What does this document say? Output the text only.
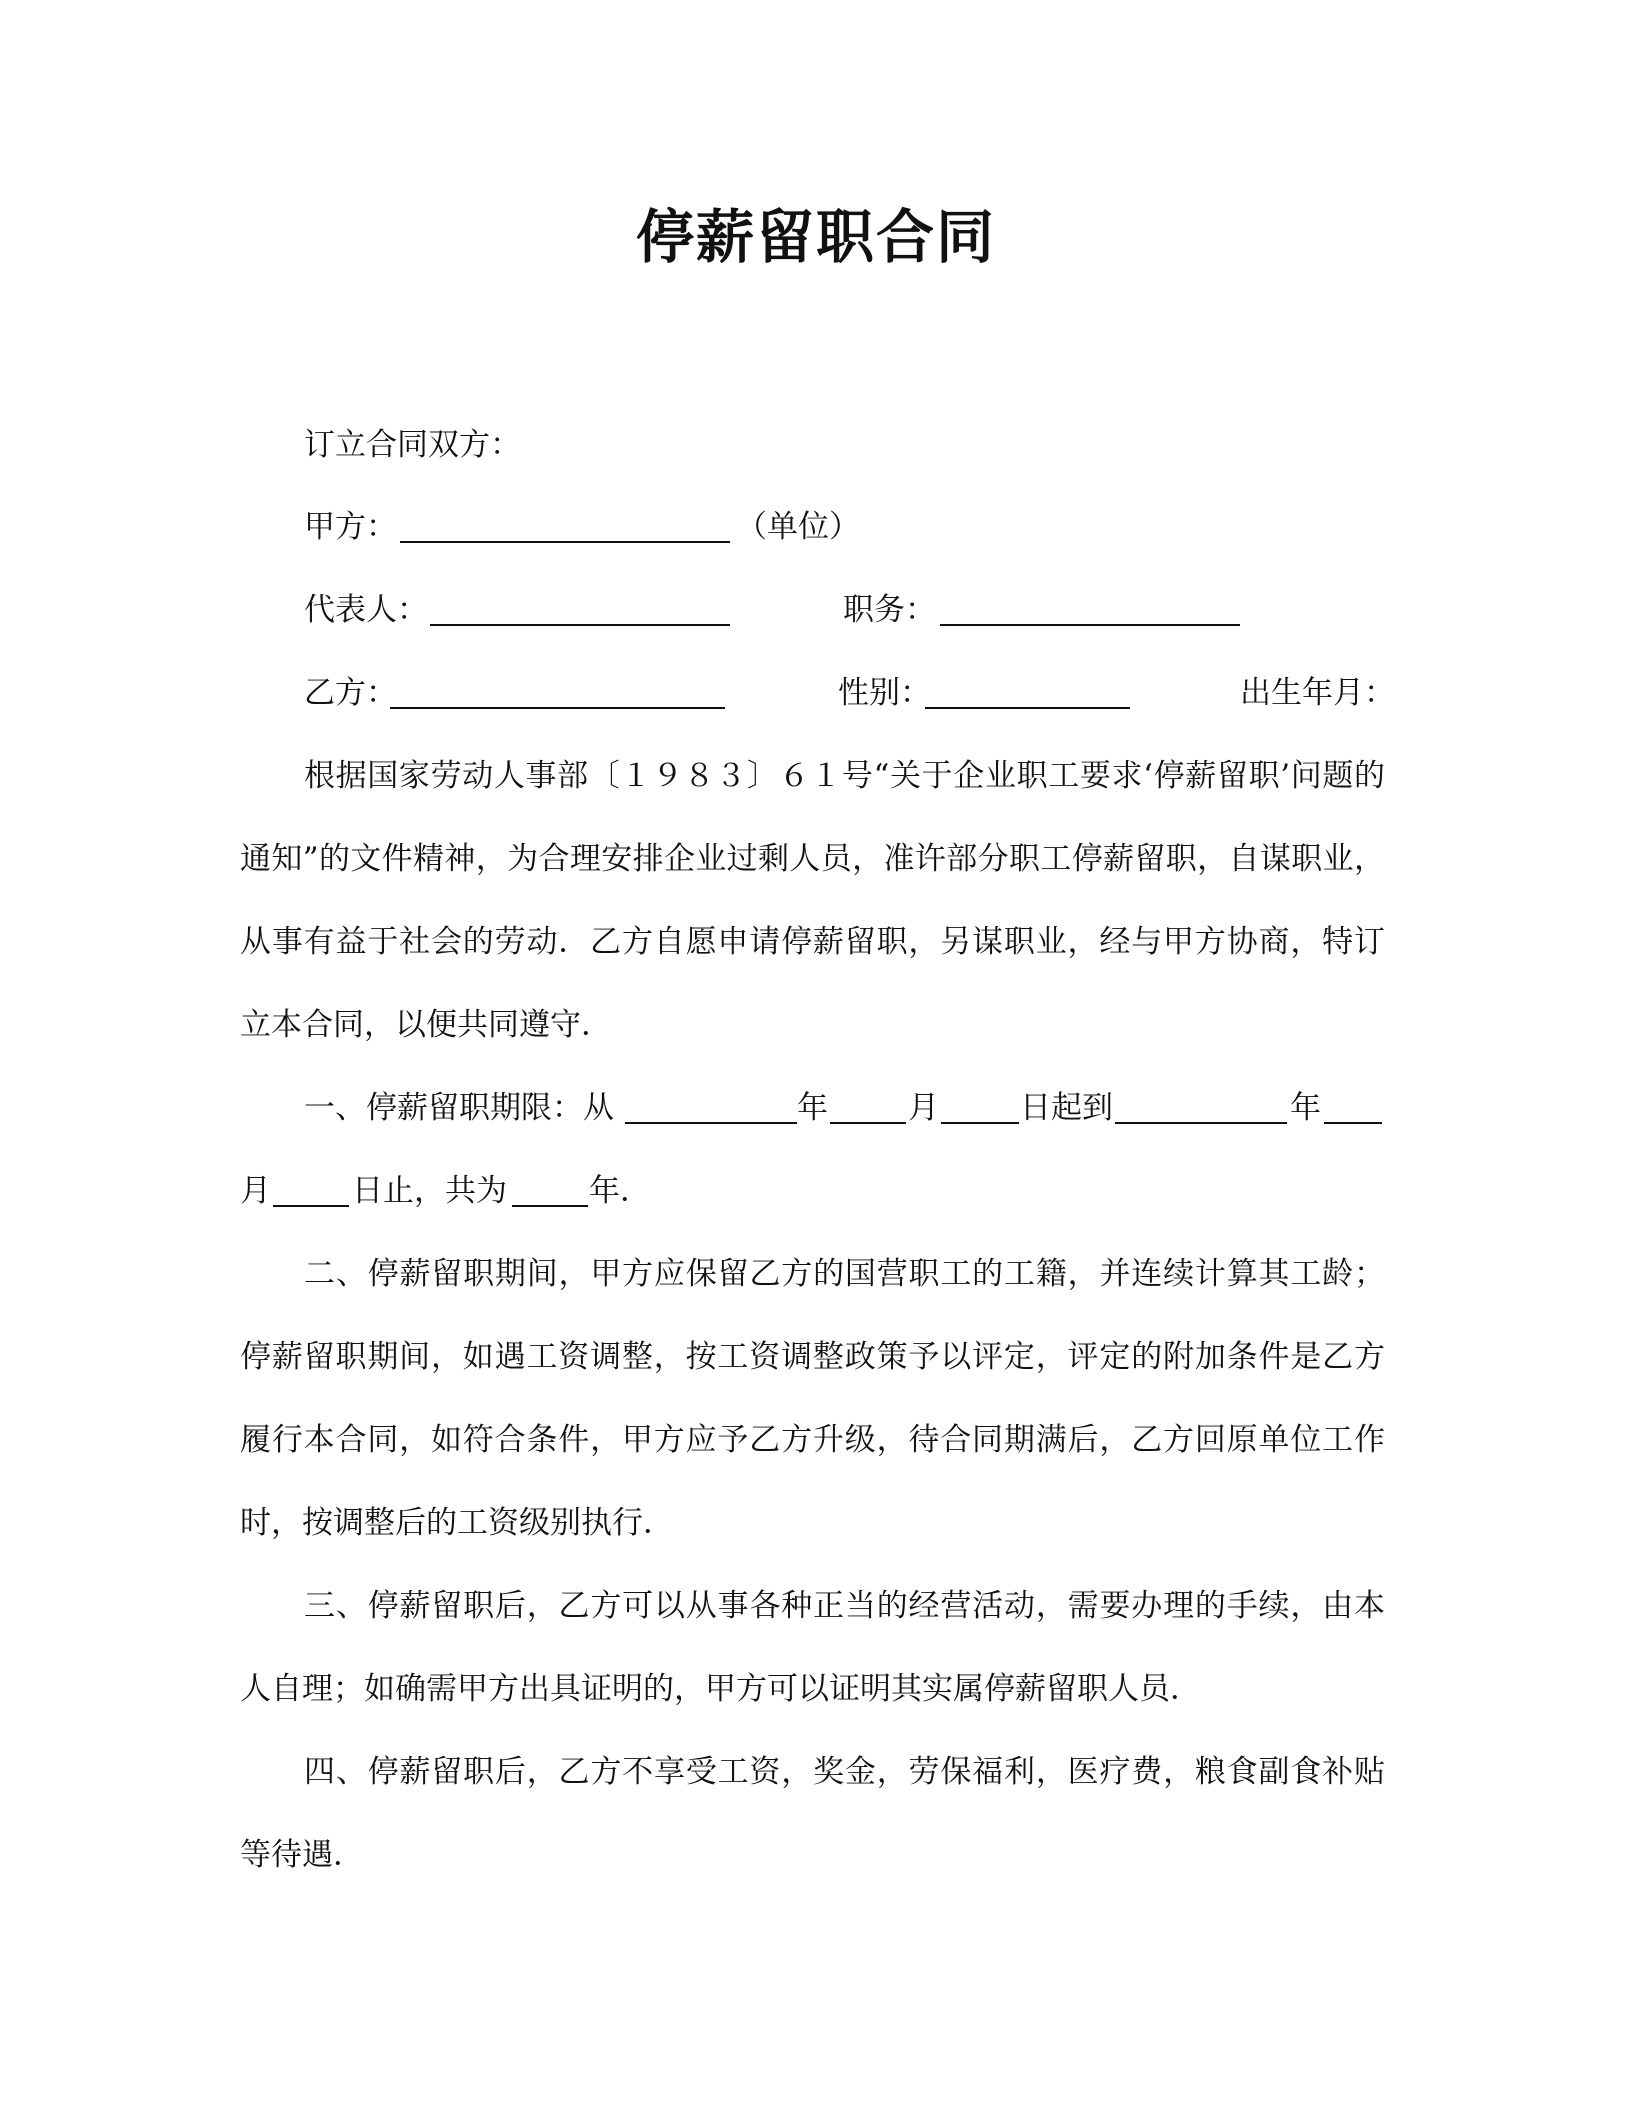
停薪留职合同
订立合同双方：
甲方：	（单位）
代表人：	职务：
乙方：	性别：	出生年月：
根据国家劳动人事部〔１９８３〕６１号“关于企业职工要求‘停薪留职’问题的
通知”的文件精神，为合理安排企业过剩人员，准许部分职工停薪留职，自谋职业，
从事有益于社会的劳动．乙方自愿申请停薪留职，另谋职业，经与甲方协商，特订
立本合同，以便共同遵守．
一、停薪留职期限：从	年	月	日起到	年
月	日止，共为	年．
二、停薪留职期间，甲方应保留乙方的国营职工的工籍，并连续计算其工龄；
停薪留职期间，如遇工资调整，按工资调整政策予以评定，评定的附加条件是乙方
履行本合同，如符合条件，甲方应予乙方升级，待合同期满后，乙方回原单位工作
时，按调整后的工资级别执行．
三、停薪留职后，乙方可以从事各种正当的经营活动，需要办理的手续，由本
人自理；如确需甲方出具证明的，甲方可以证明其实属停薪留职人员．
四、停薪留职后，乙方不享受工资，奖金，劳保福利，医疗费，粮食副食补贴
等待遇．
